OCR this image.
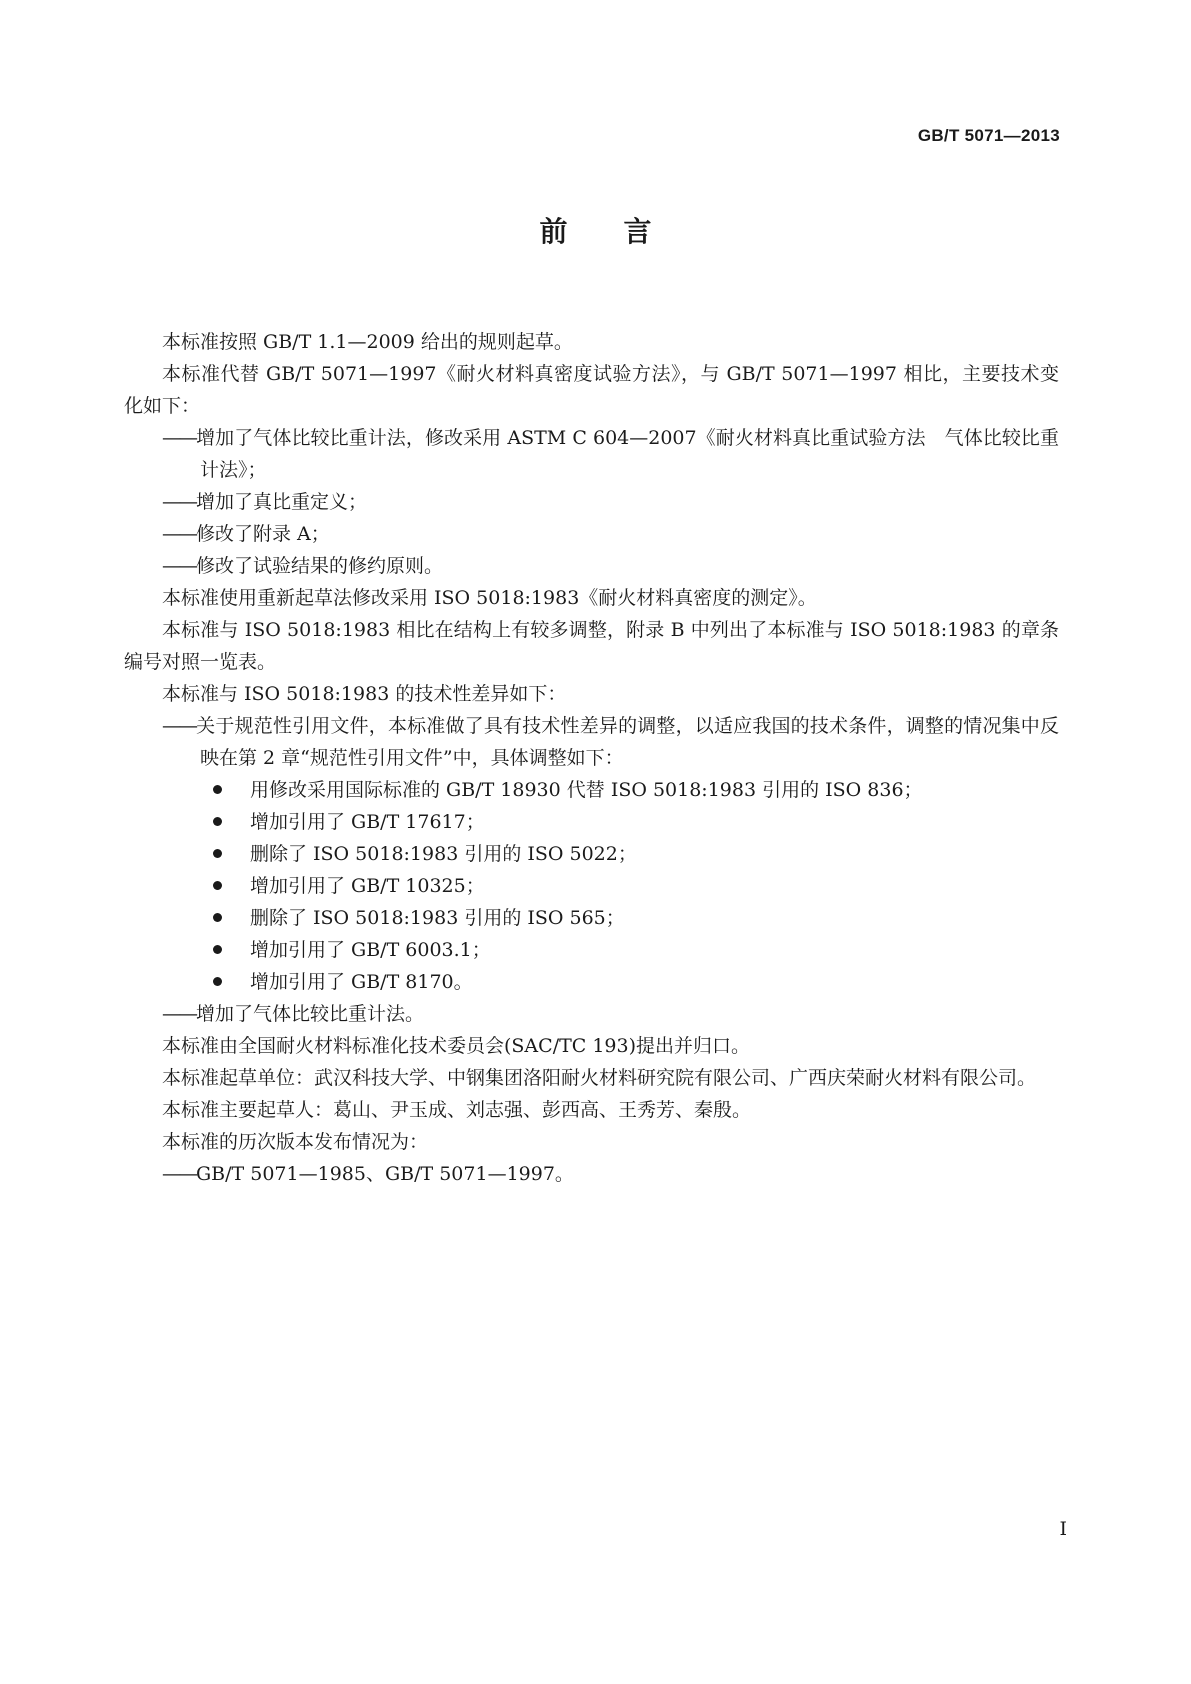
GB/T 5071—2013
前言

本标准按照 GB/T 1.1—2009 给出的规则起草。

本标准代替 GB/T 5071—1997《耐火材料真密度试验方法》，与 GB/T 5071—1997 相比，主要技术变化如下：

——增加了气体比较比重计法，修改采用 ASTM C 604—2007《耐火材料真比重试验方法　气体比较比重计法》；

——增加了真比重定义；

——修改了附录 A；

——修改了试验结果的修约原则。

本标准使用重新起草法修改采用 ISO 5018:1983《耐火材料真密度的测定》。

本标准与 ISO 5018:1983 相比在结构上有较多调整，附录 B 中列出了本标准与 ISO 5018:1983 的章条编号对照一览表。

本标准与 ISO 5018:1983 的技术性差异如下：

——关于规范性引用文件，本标准做了具有技术性差异的调整，以适应我国的技术条件，调整的情况集中反映在第 2 章“规范性引用文件”中，具体调整如下：

用修改采用国际标准的 GB/T 18930 代替 ISO 5018:1983 引用的 ISO 836；

增加引用了 GB/T 17617；

删除了 ISO 5018:1983 引用的 ISO 5022；

增加引用了 GB/T 10325；

删除了 ISO 5018:1983 引用的 ISO 565；

增加引用了 GB/T 6003.1；

增加引用了 GB/T 8170。

——增加了气体比较比重计法。

本标准由全国耐火材料标准化技术委员会(SAC/TC 193)提出并归口。

本标准起草单位：武汉科技大学、中钢集团洛阳耐火材料研究院有限公司、广西庆荣耐火材料有限公司。

本标准主要起草人：葛山、尹玉成、刘志强、彭西高、王秀芳、秦殷。

本标准的历次版本发布情况为：

——GB/T 5071—1985、GB/T 5071—1997。

I
